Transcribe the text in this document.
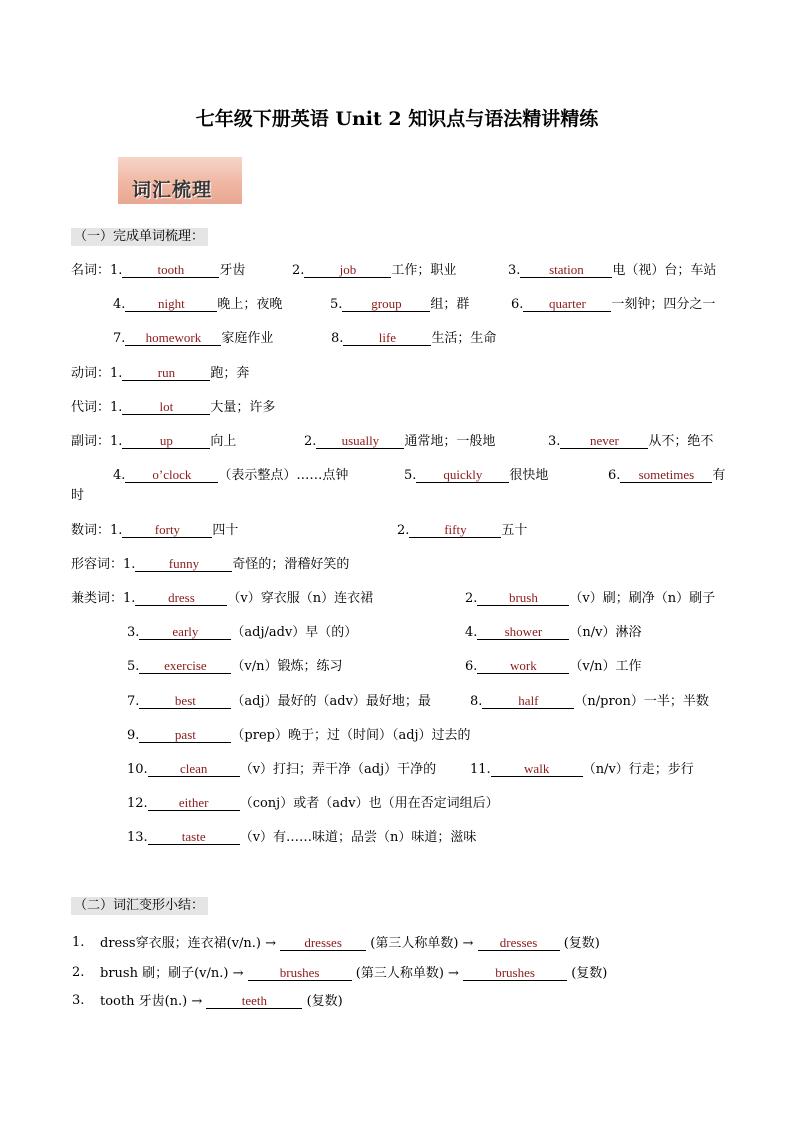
七年级下册英语 Unit 2 知识点与语法精讲精练
词汇梳理
（一）完成单词梳理：
名词：1.	tooth	牙齿	2.	job	工作；职业	3. station 电（视）台；车站
4.	night	晚上；夜晚	5. group 组；群	6. quarter 一刻钟；四分之一
7. homework 家庭作业	8.	life	生活；生命
动词：1.	run	跑；奔
代词：1.	lot	大量；许多
副词：1.	up	向上	2. usually 通常地；一般地	3. never 从不；绝不
4. o’clock （表示整点）……点钟	5. quickly 很快地	6. sometimes 有
时
数词：1. forty 四十	2.	fifty	五十
形容词：1.	funny	奇怪的；滑稽好笑的
兼类词：1.	dress	（v）穿衣服（n）连衣裙	2. brush （v）刷；刷净（n）刷子
3.	early	（adj/adv）早（的）	4. shower （n/v）淋浴
5. exercise （v/n）锻炼；练习	6.	work	（v/n）工作
7.	best	（adj）最好的（adv）最好地；最	8.	half	（n/pron）一半；半数
9.	past	（prep）晚于；过（时间）（adj）过去的
10. clean （v）打扫；弄干净（adj）干净的	11.	walk	（n/v）行走；步行
12. either （conj）或者（adv）也（用在否定词组后）
13.	taste	（v）有……味道；品尝（n）味道；滋味
（二）词汇变形小结：
1. dress穿衣服；连衣裙(v/n.) → dresses (第三人称单数) → dresses (复数)
2. brush 刷；刷子(v/n.) →	brushes	(第三人称单数) →	brushes	(复数)
3. tooth 牙齿(n.) →	teeth	(复数)
